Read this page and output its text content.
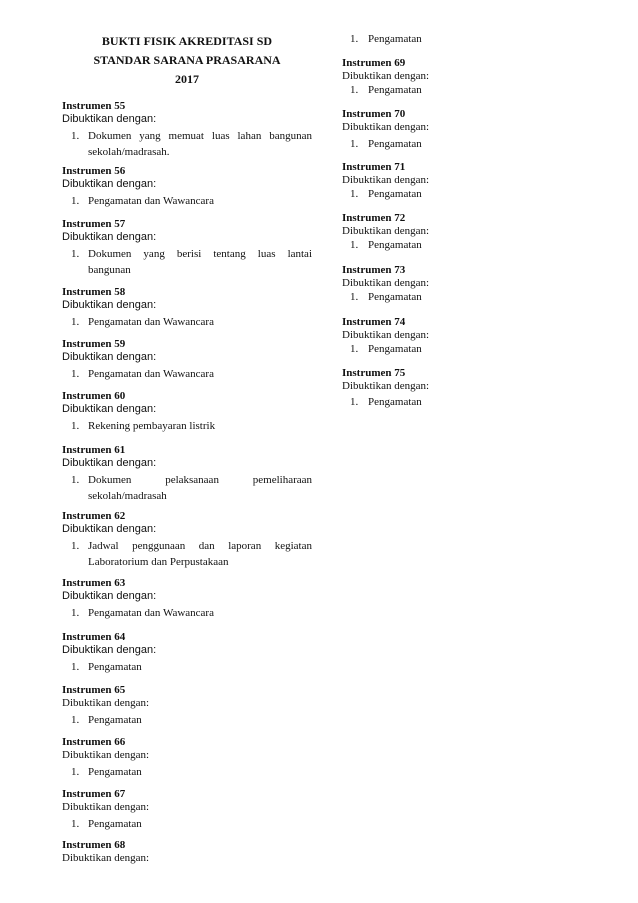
BUKTI FISIK AKREDITASI SD
STANDAR SARANA PRASARANA
2017
Instrumen 55
Dibuktikan dengan:
1. Dokumen yang memuat luas lahan bangunan
sekolah/madrasah.
Instrumen 56
Dibuktikan dengan:
1. Pengamatan dan Wawancara
Instrumen 57
Dibuktikan dengan:
1. Dokumen yang berisi tentang luas lantai
bangunan
Instrumen 58
Dibuktikan dengan:
1. Pengamatan dan Wawancara
Instrumen 59
Dibuktikan dengan:
1. Pengamatan dan Wawancara
Instrumen 60
Dibuktikan dengan:
1. Rekening pembayaran listrik
Instrumen 61
Dibuktikan dengan:
1. Dokumen pelaksanaan pemeliharaan
sekolah/madrasah
Instrumen 62
Dibuktikan dengan:
1. Jadwal penggunaan dan laporan kegiatan
Laboratorium dan Perpustakaan
Instrumen 63
Dibuktikan dengan:
1. Pengamatan dan Wawancara
Instrumen 64
Dibuktikan dengan:
1. Pengamatan
Instrumen 65
Dibuktikan dengan:
1. Pengamatan
Instrumen 66
Dibuktikan dengan:
1. Pengamatan
Instrumen 67
Dibuktikan dengan:
1. Pengamatan
Instrumen 68
Dibuktikan dengan:
1. Pengamatan
Instrumen 69
Dibuktikan dengan:
1. Pengamatan
Instrumen 70
Dibuktikan dengan:
1. Pengamatan
Instrumen 71
Dibuktikan dengan:
1. Pengamatan
Instrumen 72
Dibuktikan dengan:
1. Pengamatan
Instrumen 73
Dibuktikan dengan:
1. Pengamatan
Instrumen 74
Dibuktikan dengan:
1. Pengamatan
Instrumen 75
Dibuktikan dengan:
1. Pengamatan
